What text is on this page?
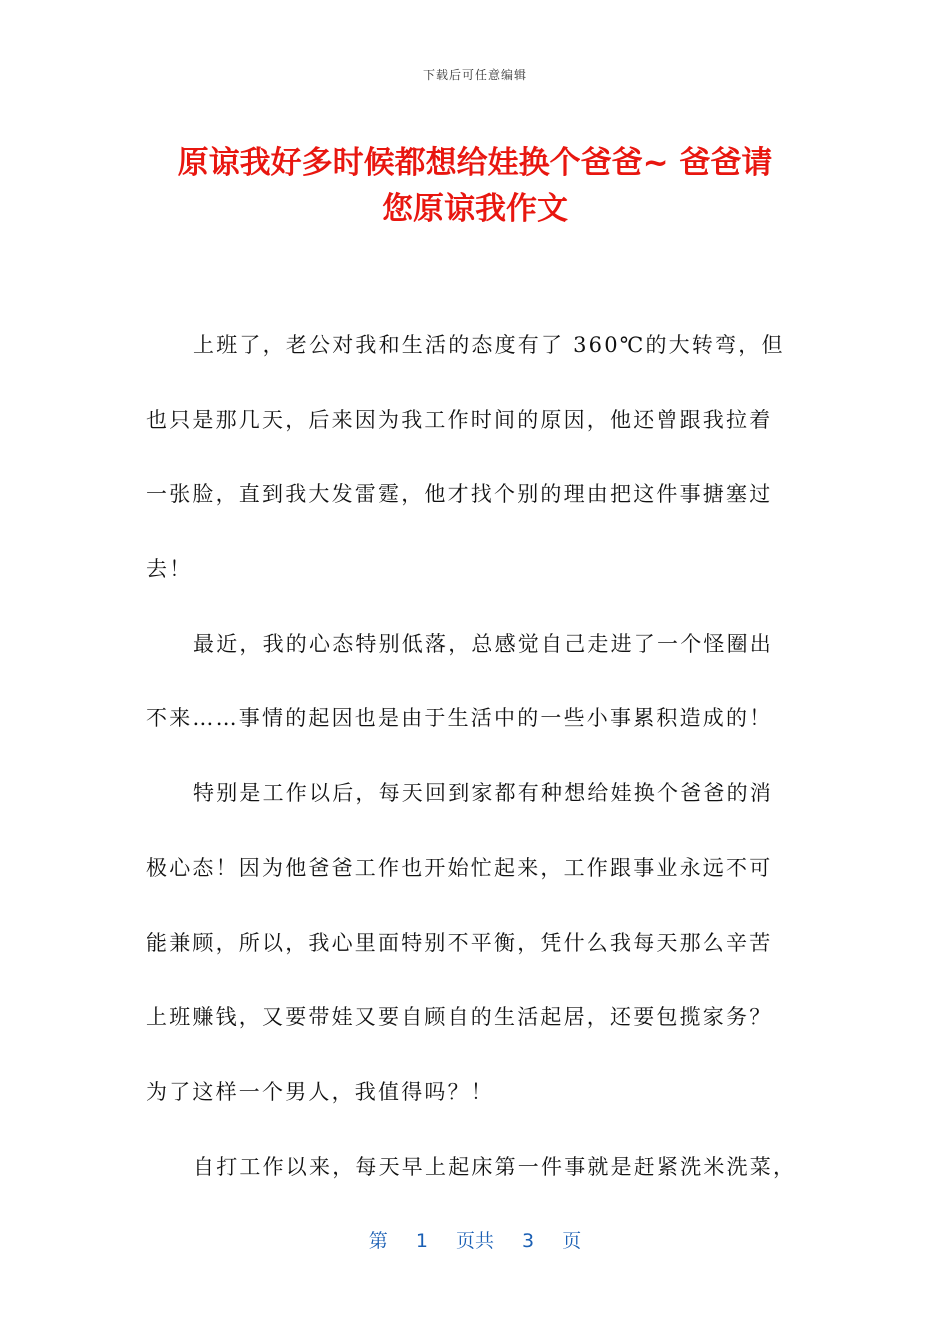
下载后可任意编辑
原谅我好多时候都想给娃换个爸爸~ 爸爸请
您原谅我作文
上班了，老公对我和生活的态度有了 360℃的大转弯，但
也只是那几天，后来因为我工作时间的原因，他还曾跟我拉着
一张脸，直到我大发雷霆，他才找个别的理由把这件事搪塞过
去！
最近，我的心态特别低落，总感觉自己走进了一个怪圈出
不来……事情的起因也是由于生活中的一些小事累积造成的！
特别是工作以后，每天回到家都有种想给娃换个爸爸的消
极心态！因为他爸爸工作也开始忙起来，工作跟事业永远不可
能兼顾，所以，我心里面特别不平衡，凭什么我每天那么辛苦
上班赚钱，又要带娃又要自顾自的生活起居，还要包揽家务？
为了这样一个男人，我值得吗？！
自打工作以来，每天早上起床第一件事就是赶紧洗米洗菜，
第 1 页共 3 页
